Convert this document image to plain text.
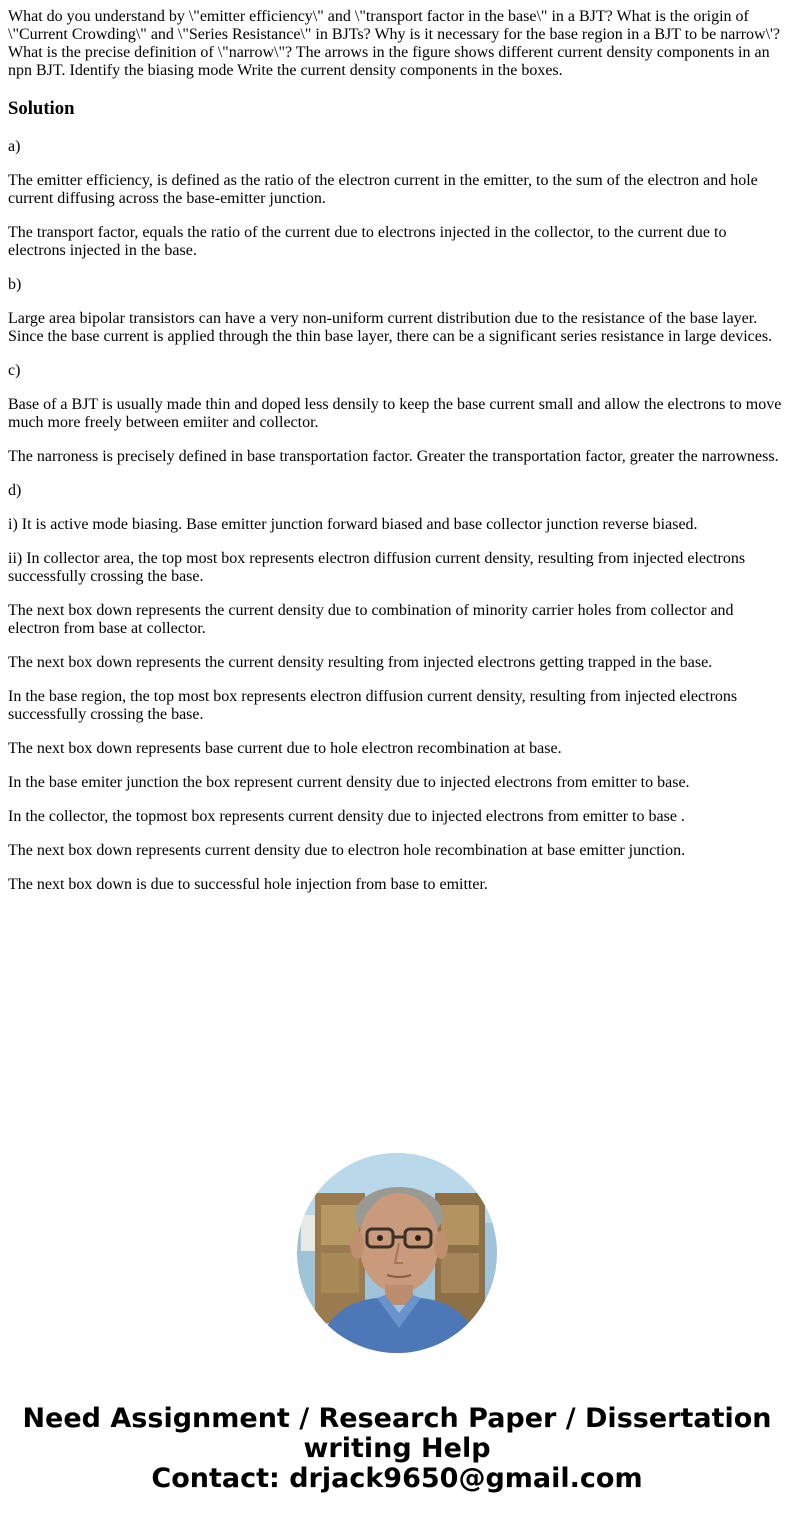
What do you understand by \"emitter efficiency\" and \"transport factor in the base\" in a BJT? What is the origin of \"Current Crowding\" and \"Series Resistance\" in BJTs? Why is it necessary for the base region in a BJT to be narrow\'? What is the precise definition of \"narrow\"? The arrows in the figure shows different current density components in an npn BJT. Identify the biasing mode Write the current density components in the boxes.

Solution

a)

The emitter efficiency, is defined as the ratio of the electron current in the emitter, to the sum of the electron and hole current diffusing across the base-emitter junction.

The transport factor, equals the ratio of the current due to electrons injected in the collector, to the current due to electrons injected in the base.

b)

Large area bipolar transistors can have a very non-uniform current distribution due to the resistance of the base layer. Since the base current is applied through the thin base layer, there can be a significant series resistance in large devices.

c)

Base of a BJT is usually made thin and doped less densily to keep the base current small and allow the electrons to move much more freely between emiiter and collector.

The narroness is precisely defined in base transportation factor. Greater the transportation factor, greater the narrowness.

d)

i) It is active mode biasing. Base emitter junction forward biased and base collector junction reverse biased.

ii) In collector area, the top most box represents electron diffusion current density, resulting from injected electrons successfully crossing the base.

The next box down represents the current density due to combination of minority carrier holes from collector and electron from base at collector.

The next box down represents the current density resulting from injected electrons getting trapped in the base.

In the base region, the top most box represents electron diffusion current density, resulting from injected electrons successfully crossing the base.

The next box down represents base current due to hole electron recombination at base.

In the base emiter junction the box represent current density due to injected electrons from emitter to base.

In the collector, the topmost box represents current density due to injected electrons from emitter to base .

The next box down represents current density due to electron hole recombination at base emitter junction.

The next box down is due to successful hole injection from base to emitter.

Need Assignment / Research Paper / Dissertation
writing Help
Contact: drjack9650@gmail.com
